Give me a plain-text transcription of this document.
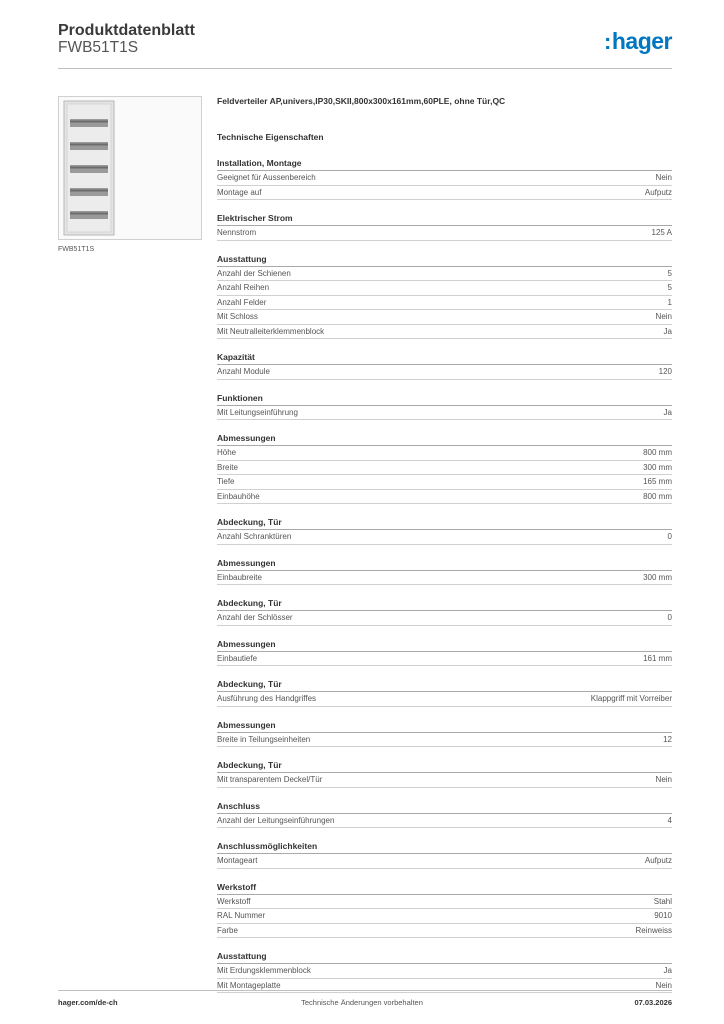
Produktdatenblatt
FWB51T1S	:hager
FWB51T1S
Feldverteiler AP,univers,IP30,SKII,800x300x161mm,60PLE, ohne Tür,QC
Technische Eigenschaften
Installation, Montage
Geeignet für Aussenbereich	Nein
Montage auf	Aufputz
Elektrischer Strom
Nennstrom	125 A
Ausstattung
Anzahl der Schienen	5
Anzahl Reihen	5
Anzahl Felder	1
Mit Schloss	Nein
Mit Neutralleiterklemmenblock	Ja
Kapazität
Anzahl Module	120
Funktionen
Mit Leitungseinführung	Ja
Abmessungen
Höhe	800 mm
Breite	300 mm
Tiefe	165 mm
Einbauhöhe	800 mm
Abdeckung, Tür
Anzahl Schranktüren	0
Abmessungen
Einbaubreite	300 mm
Abdeckung, Tür
Anzahl der Schlösser	0
Abmessungen
Einbautiefe	161 mm
Abdeckung, Tür
Ausführung des Handgriffes	Klappgriff mit Vorreiber
Abmessungen
Breite in Teilungseinheiten	12
Abdeckung, Tür
Mit transparentem Deckel/Tür	Nein
Anschluss
Anzahl der Leitungseinführungen	4
Anschlussmöglichkeiten
Montageart	Aufputz
Werkstoff
Werkstoff	Stahl
RAL Nummer	9010
Farbe	Reinweiss
Ausstattung
Mit Erdungsklemmenblock	Ja
Mit Montageplatte	Nein
hager.com/de-ch	Technische Änderungen vorbehalten	07.03.2026
